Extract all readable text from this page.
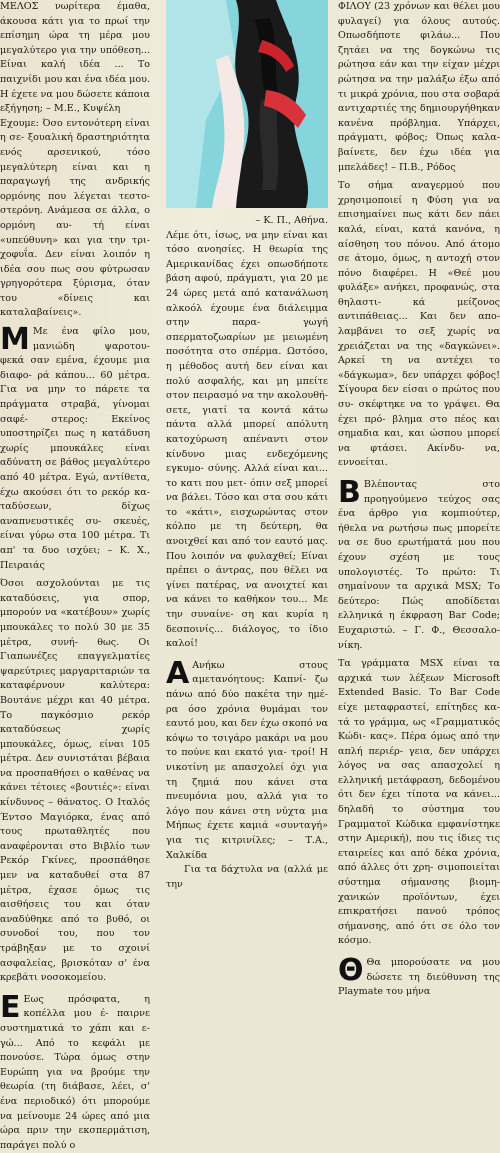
ΜΕΛΟΣ νωρίτερα έμαθα, άκουσα κάτι για το πρωί την επίσημη ώρα τη μέρα μου μεγαλύτερο για την υπόθεση... Είναι καλή ιδέα ... Το παιχνίδι μου και ένα ιδέα μου. Η έχετε να μου δώσετε κάποια εξήγηση; – Μ.Ε., Κυψέλη
Εχουμε: Όσο εντονότερη είναι η σε- ξουαλική δραστηριότητα ενός αρσενικού, τόσο μεγαλύτερη είναι και η παραγωγή της ανδρικής ορμόνης που λέγεται τεστο- στερόνη. Ανάμεσα σε άλλα, ο ορμόνη αυ- τή είναι «υπεύθυνη» και για την τρι- χοφυΐα. Δεν είναι λοιπόν η ιδέα σου πως σου φύτρωσαν γρηγορότερα ξύρισμα, όταν του «δίνεις και καταλαβαίνεις».
Μ Με ένα φίλο μου, μανιώδη ψαροτου- φεκά σαν εμένα, έχουμε μια διαφο- ρά κάπου... 60 μέτρα. Για να μην το πάρετε τα πράγματα στραβά, γίνομαι σαφέ- στερος: Εκείνος υποστηρίζει πως η κατάδυση χωρίς μπουκάλες είναι αδύνατη σε βάθος μεγαλύτερο από 40 μέτρα. Εγώ, αντίθετα, έχω ακούσει ότι το ρεκόρ κα- ταδύσεων, δίχως αναπνευστικές συ- σκευές, είναι γύρω στα 100 μέτρα. Τι απ' τα δυο ισχύει; – Κ. Χ., Πειραιάς
Όσοι ασχολούνται με τις καταδύσεις, για σπορ, μπορούν να «κατέβουν» χωρίς μπουκάλες το πολύ 30 με 35 μέτρα, συνή- θως. Οι Γιαπωνέζες επαγγελματίες ψαρεύτριες μαργαριταριών τα καταφέρνουν καλύτερα: Βουτάνε μέχρι και 40 μέτρα. Το παγκόσμιο ρεκόρ καταδύσεως χωρίς μπουκάλες, όμως, είναι 105 μέτρα. Δεν συνιστάται βέβαια να προσπαθήσει ο καθένας να κάνει τέτοιες «βουτιές»: είναι κίνδυνος – θάνατος. Ο Ιταλός Έντσο Μαγιόρκα, ένας από τους πρωταθλητές που αναφέρονται στο Βιβλίο των Ρεκόρ Γκίνες, προσπάθησε μεν να καταδυθεί στα 87 μέτρα, έχασε όμως τις αισθήσεις του και όταν αναδύθηκε από το βυθό, οι συνοδοί του, που τον τράβηξαν με το σχοινί ασφαλείας, βρισκόταν σ' ένα κρεβάτι νοσοκομείου.
Ε Εως πρόσφατα, η κοπέλλα μου έ- παιρνε συστηματικά το χάπι και ε- γώ... Από το κεφάλι με πονούσε. Τώρα όμως στην Ευρώπη για να βρούμε την θεωρία (τη διάβασε, λέει, σ' ένα περιοδικό) ότι μπορούμε να μείνουμε 24 ώρες από μια ώρα πριν την εκσπερμάτιση, παράγει πολύ ο
– Κ. Π., Αθήνα.
Λέμε ότι, ίσως, να μην είναι και τόσο ανοησίες. Η θεωρία της Αμερικανίδας έχει οπωσδήποτε βάση αφού, πράγματι, για 20 με 24 ώρες μετά από κατανάλωση αλκοόλ έχουμε ένα διάλειμμα στην παρα- γωγή σπερματοζωαρίων με μειωμένη ποσότητα στο σπέρμα. Ωστόσο, η μέθοδος αυτή δεν είναι και πολύ ασφαλής, και μη μπείτε στον πειρασμό να την ακολουθή- σετε, γιατί τα κοντά κάτω πάντα αλλά μπορεί απόλυτη κατοχύρωση απέναντι στον κίνδυνο μιας ενδεχόμενης εγκυμο- σύνης. Αλλά είναι και... το κατι που μετ- όπιν σεξ μπορεί να βάλει. Τόσο και στα σου κάτι το «κάτι», εισχωρώντας στον κόλπο με τη δεύτερη, θα ανοιχθεί και από τον εαυτό μας. Που λοιπόν να φυλαχθεί; Είναι πρέπει ο άντρας, που θέλει να γίνει πατέρας, να ανοιχτεί και να κάνει το καθήκον του... Με την συναίνε- ση και κυρία η δεσποινίς... διάλογος, το ίδιο καλοί!
Α Ανήκω στους αμετανόητους: Καπνί- ζω πάνω από δύο πακέτα την ημέ- ρα όσο χρόνια θυμάμαι τον εαυτό μου, και δεν έχω σκοπό να κόψω το τσιγάρο μακάρι να μου το πούνε και εκατό για- τροί! Η νικοτίνη με απασχολεί όχι για τη ζημιά που κάνει στα πνευμόνια μου, αλλά για το λόγο που κάνει στη νύχτα μια Μήπως έχετε καμιά «συνταγή» για τις κιτρινίλες; – Τ.Α., Χαλκίδα
Για τα δάχτυλα να (αλλά με την
ΦΙΛΟΥ (23 χρόνων και θέλει μου φυλαγεί) για όλους αυτούς. Οπωσδήποτε φιλάω... Που ζητάει να της δογκώνω τις ρώτησα εάν και την είχαν μέχρι ρώτησα να την μαλάξω έξω από τι μικρά χρόνια, που στα σοβαρά αντιχαρτιές της δημιουργήθηκαν κανένα πρόβλημα. Υπάρχει, πράγματι, φόβος; Όπως καλα- βαίνετε, δεν έχω ιδέα για μπελάδες! – Π.Β., Ρόδος
Το σήμα αναγερμού που χρησιμοποιεί η Φύση για να επισημαίνει πως κάτι δεν πάει καλά, είναι, κατά κανόνα, η αίσθηση του πόνου. Από άτομο σε άτομο, όμως, η αντοχή στον πόνο διαφέρει. Η «Θεέ μου φυλάξε» ανήκει, προφανώς, στα θηλαστι- κά μείζονος αντιπάθειας... Και δεν απο- λαμβάνει το σεξ χωρίς να χρειάζεται να της «δαγκώνει». Αρκεί τη να αντέχει το «δάγκωμα», δεν υπάρχει φόβος! Σίγουρα δεν είσαι ο πρώτος που συ- σκέφτηκε να το γράψει. Θα έχει πρό- βλημα στο πέος και σημαδια και, και ώσπου μπορεί να φτάσει. Ακίνδυ- να, εννοείται.
Β Βλέποντας στο προηγούμενο τεύχος σας ένα άρθρο για κομπιούτερ, ήθελα να ρωτήσω πως μπορείτε να σε δυο ερωτήματά μου που έχουν σχέση με τους υπολογιστές. Το πρώτο: Τι σημαίνουν τα αρχικά MSX; Το δεύτερο: Πώς αποδίδεται ελληνικά η έκφραση Bar Code; Ευχαριστώ. – Γ. Φ., Θεσσαλο- νίκη.
Τα γράμματα MSX είναι τα αρχικά των λέξεων Microsoft Extended Basic. Το Bar Code είχε μεταφραστεί, επίτηδες κα- τά το γράμμα, ως «Γραμματικός Κώδι- κας». Πέρα όμως από την απλή περιέρ- γεια, δεν υπάρχει λόγος να σας απασχολεί η ελληνική μετάφραση, δεδομένου ότι δεν έχει τίποτα να κάνει... δηλαδή το σύστημα του Γραμματοϊ Κώδικα εμφανίστηκε στην Αμερική), που τις ίδιες τις εταιρείες και από δέκα χρόνια, από άλλες ότι χρη- σιμοποιείται σύστημα σήμανσης βιομη- χανικών προϊόντων, έχει επικρατήσει πανού τρόπος σήμανσης, από ότι σε όλο τον κόσμο.
Θ Θα μπορούσατε να μου δώσετε τη διεύθυνση της Playmate του μήνα
